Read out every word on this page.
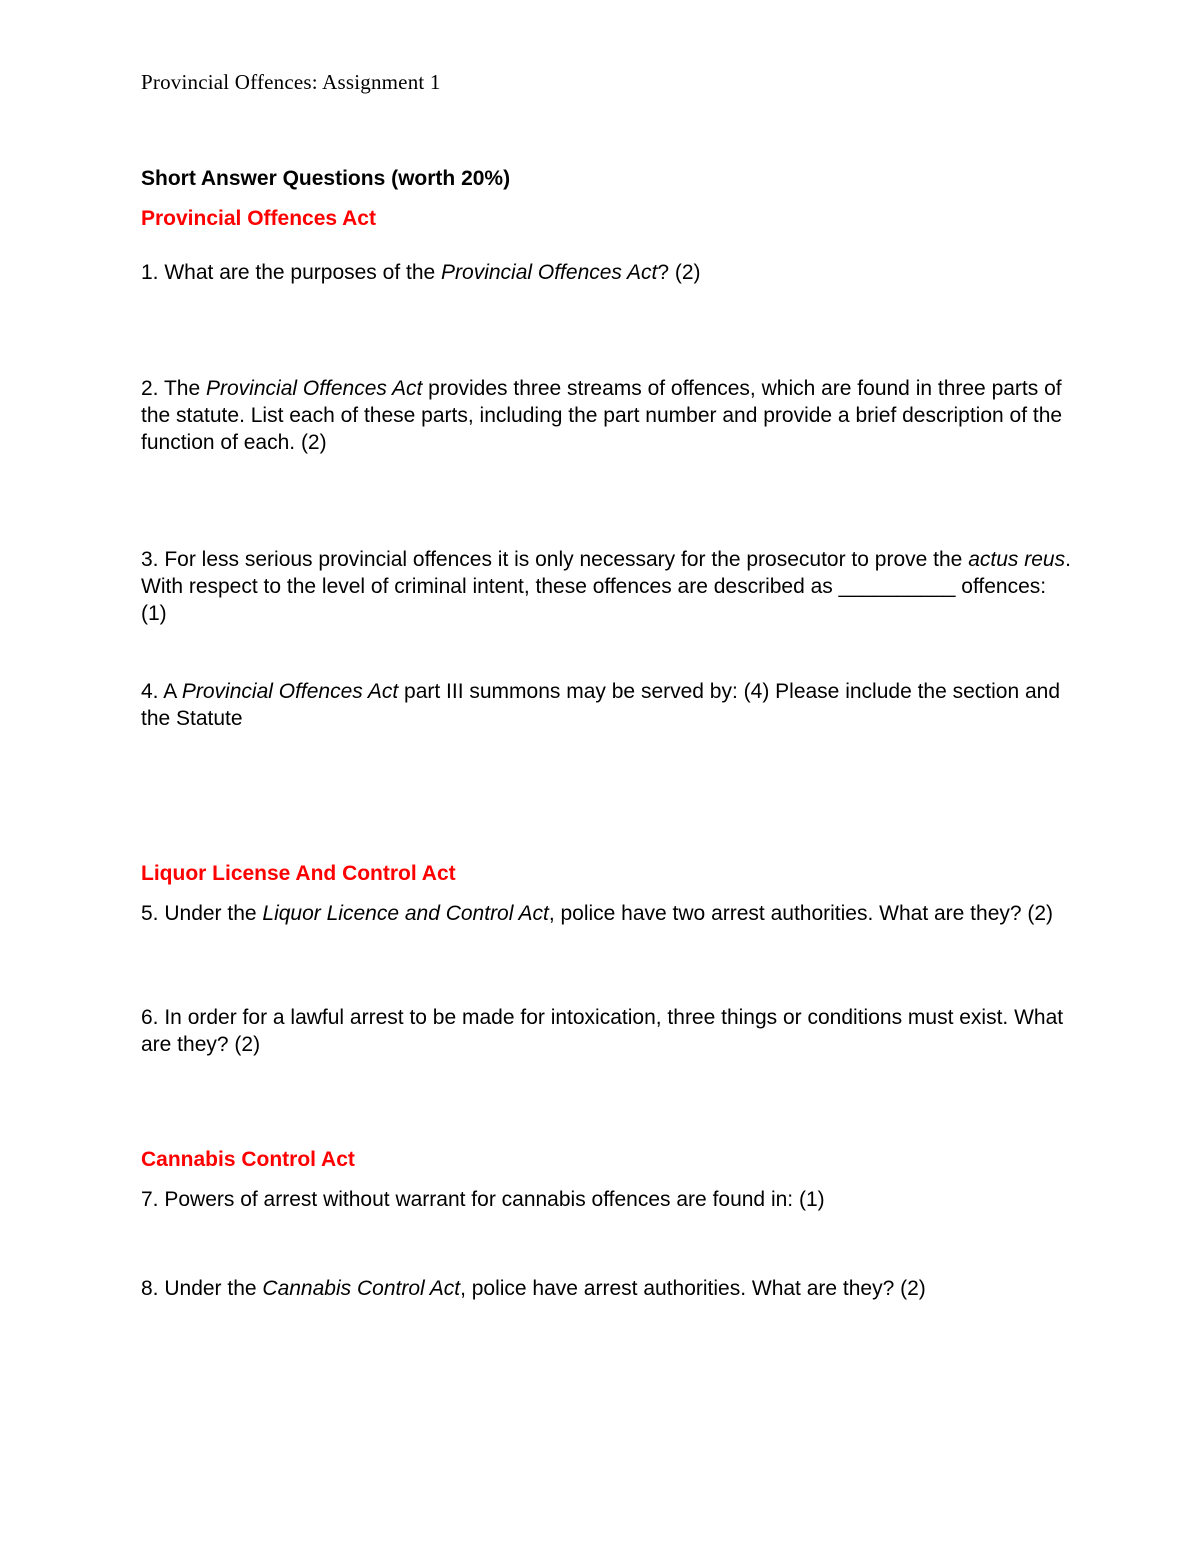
Provincial Offences: Assignment 1
Short Answer Questions (worth 20%)
Provincial Offences Act

1. What are the purposes of the Provincial Offences Act? (2)

2. The Provincial Offences Act provides three streams of offences, which are found in three parts of the statute. List each of these parts, including the part number and provide a brief description of the function of each. (2)

3. For less serious provincial offences it is only necessary for the prosecutor to prove the actus reus. With respect to the level of criminal intent, these offences are described as __________ offences: (1)

4. A Provincial Offences Act part III summons may be served by: (4) Please include the section and the Statute

Liquor License And Control Act

5. Under the Liquor Licence and Control Act, police have two arrest authorities. What are they? (2)

6. In order for a lawful arrest to be made for intoxication, three things or conditions must exist. What are they? (2)

Cannabis Control Act

7. Powers of arrest without warrant for cannabis offences are found in: (1)

8. Under the Cannabis Control Act, police have arrest authorities. What are they? (2)
